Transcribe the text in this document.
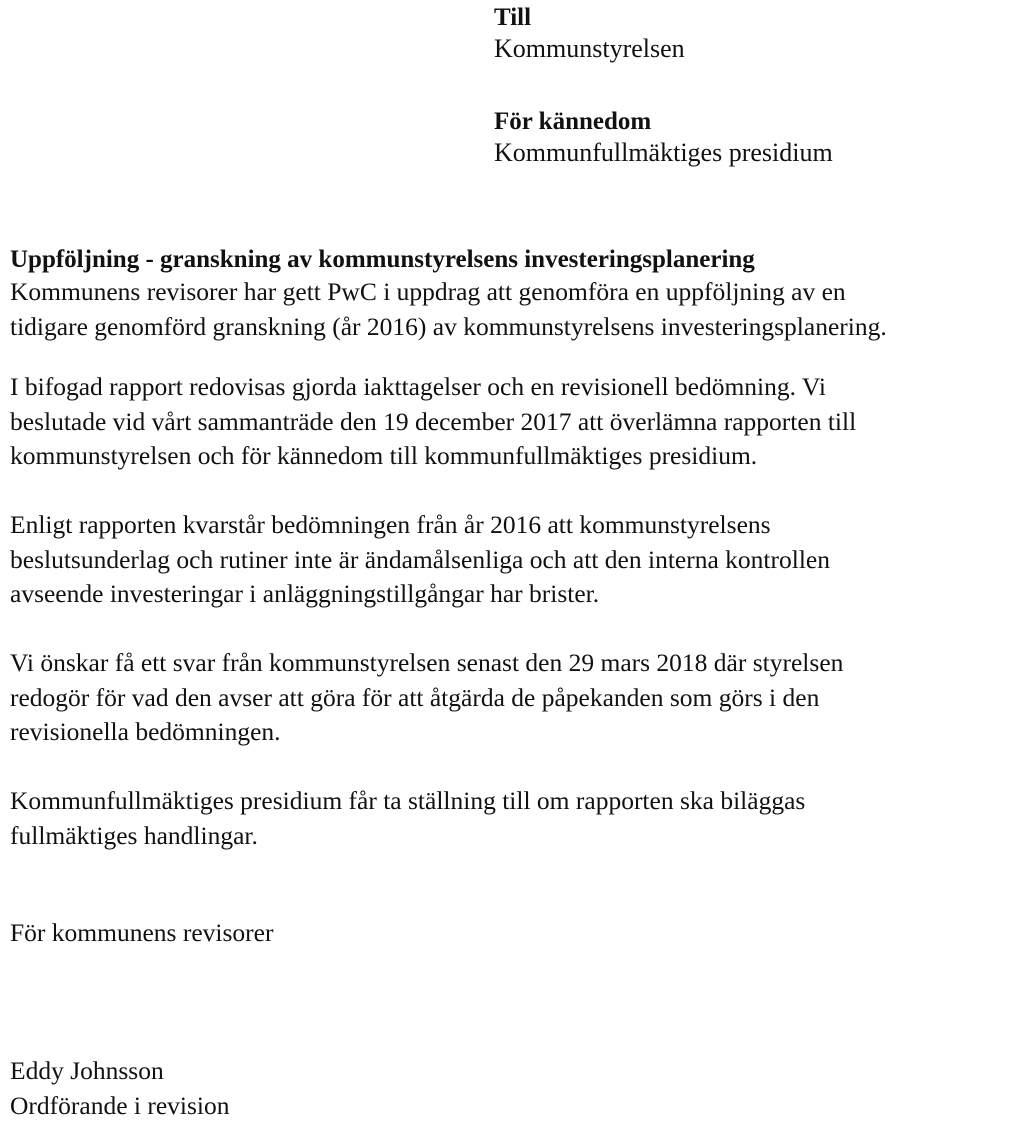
Till
Kommunstyrelsen
För kännedom
Kommunfullmäktiges presidium
Uppföljning - granskning av kommunstyrelsens investeringsplanering
Kommunens revisorer har gett PwC i uppdrag att genomföra en uppföljning av en
tidigare genomförd granskning (år 2016) av kommunstyrelsens investeringsplanering.
I bifogad rapport redovisas gjorda iakttagelser och en revisionell bedömning. Vi
beslutade vid vårt sammanträde den 19 december 2017 att överlämna rapporten till
kommunstyrelsen och för kännedom till kommunfullmäktiges presidium.
Enligt rapporten kvarstår bedömningen från år 2016 att kommunstyrelsens
beslutsunderlag och rutiner inte är ändamålsenliga och att den interna kontrollen
avseende investeringar i anläggningstillgångar har brister.
Vi önskar få ett svar från kommunstyrelsen senast den 29 mars 2018 där styrelsen
redogör för vad den avser att göra för att åtgärda de påpekanden som görs i den
revisionella bedömningen.
Kommunfullmäktiges presidium får ta ställning till om rapporten ska biläggas
fullmäktiges handlingar.
För kommunens revisorer
Eddy Johnsson
Ordförande i revision
